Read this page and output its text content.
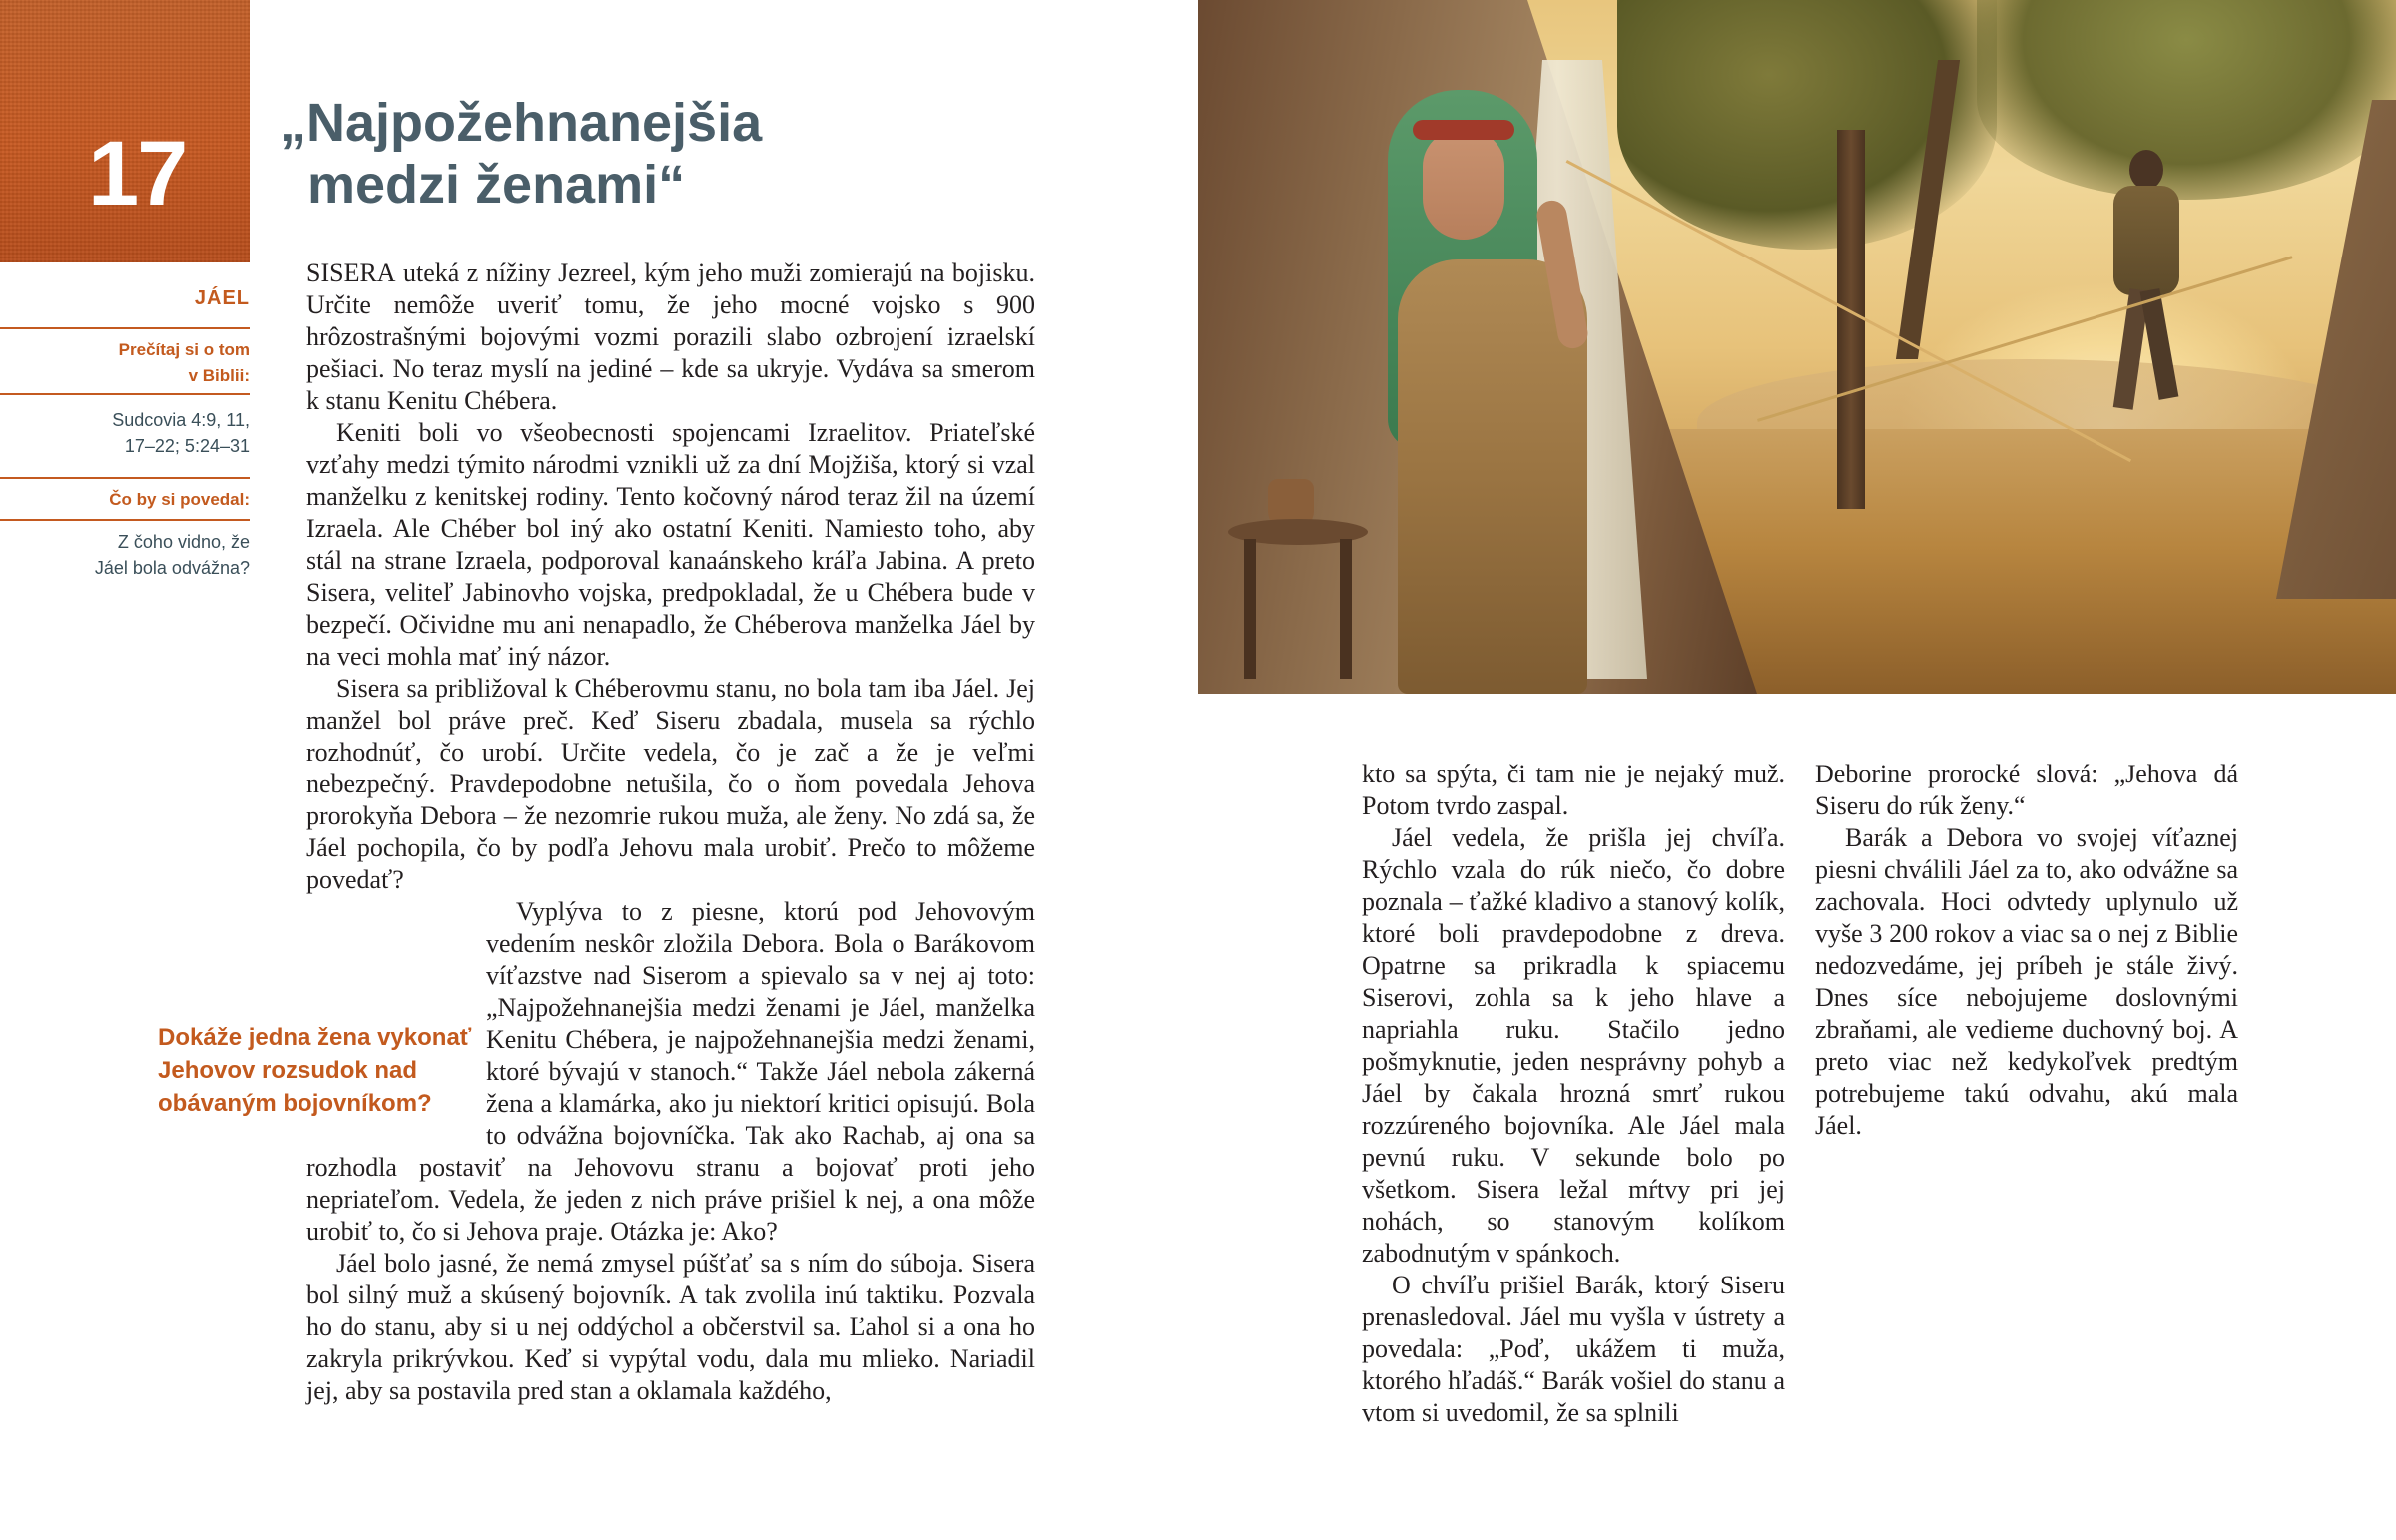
17
JÁEL
Prečítaj si o tom
v Biblii:
Sudcovia 4:9, 11,
17–22; 5:24–31
Čo by si povedal:
Z čoho vidno, že
Jáel bola odvážna?
„Najpožehnanejšia
medzi ženami“
Dokáže jedna žena vykonať Jehovov rozsudok nad obávaným bojovníkom?

SISERA uteká z nížiny Jezreel, kým jeho muži zomierajú na bojisku. Určite nemôže uveriť tomu, že jeho mocné vojsko s 900 hrôzostrašnými bojovými vozmi porazili slabo ozbrojení izraelskí pešiaci. No teraz myslí na jediné – kde sa ukryje. Vydáva sa smerom k stanu Kenitu Chébera.

Keniti boli vo všeobecnosti spojencami Izraelitov. Priateľské vzťahy medzi týmito národmi vznikli už za dní Mojžiša, ktorý si vzal manželku z kenitskej rodiny. Tento kočovný národ teraz žil na území Izraela. Ale Chéber bol iný ako ostatní Keniti. Namiesto toho, aby stál na strane Izraela, podporoval kanaánskeho kráľa Jabina. A preto Sisera, veliteľ Jabinovho vojska, predpokladal, že u Chébera bude v bezpečí. Očividne mu ani nenapadlo, že Chéberova manželka Jáel by na veci mohla mať iný názor.

Sisera sa približoval k Chéberovmu stanu, no bola tam iba Jáel. Jej manžel bol práve preč. Keď Siseru zbadala, musela sa rýchlo rozhodnúť, čo urobí. Určite vedela, čo je zač a že je veľmi nebezpečný. Pravdepodobne netušila, čo o ňom povedala Jehova prorokyňa Debora – že nezomrie rukou muža, ale ženy. No zdá sa, že Jáel pochopila, čo by podľa Jehovu mala urobiť. Prečo to môžeme povedať?

Vyplýva to z piesne, ktorú pod Jehovovým vedením neskôr zložila Debora. Bola o Barákovom víťazstve nad Siserom a spievalo sa v nej aj toto: „Najpožehnanejšia medzi ženami je Jáel, manželka Kenitu Chébera, je najpožehnanejšia medzi ženami, ktoré bývajú v stanoch.“ Takže Jáel nebola zákerná žena a klamárka, ako ju niektorí kritici opisujú. Bola to odvážna bojovníčka. Tak ako Rachab, aj ona sa rozhodla postaviť na Jehovovu stranu a bojovať proti jeho nepriateľom. Vedela, že jeden z nich práve prišiel k nej, a ona môže urobiť to, čo si Jehova praje. Otázka je: Ako?

Jáel bolo jasné, že nemá zmysel púšťať sa s ním do súboja. Sisera bol silný muž a skúsený bojovník. A tak zvolila inú taktiku. Pozvala ho do stanu, aby si u nej oddýchol a občerstvil sa. Ľahol si a ona ho zakryla prikrývkou. Keď si vypýtal vodu, dala mu mlieko. Nariadil jej, aby sa postavila pred stan a oklamala každého,

kto sa spýta, či tam nie je nejaký muž. Potom tvrdo zaspal.

Jáel vedela, že prišla jej chvíľa. Rýchlo vzala do rúk niečo, čo dobre poznala – ťažké kladivo a stanový kolík, ktoré boli pravdepodobne z dreva. Opatrne sa prikradla k spiacemu Siserovi, zohla sa k jeho hlave a napriahla ruku. Stačilo jedno pošmyknutie, jeden nesprávny pohyb a Jáel by čakala hrozná smrť rukou rozzúreného bojovníka. Ale Jáel mala pevnú ruku. V sekunde bolo po všetkom. Sisera ležal mŕtvy pri jej nohách, so stanovým kolíkom zabodnutým v spánkoch.

O chvíľu prišiel Barák, ktorý Siseru prenasledoval. Jáel mu vyšla v ústrety a povedala: „Poď, ukážem ti muža, ktorého hľadáš.“ Barák vošiel do stanu a vtom si uvedomil, že sa splnili

Deborine prorocké slová: „Jehova dá Siseru do rúk ženy.“

Barák a Debora vo svojej víťaznej piesni chválili Jáel za to, ako odvážne sa zachovala. Hoci odvtedy uplynulo už vyše 3 200 rokov a viac sa o nej z Biblie nedozvedáme, jej príbeh je stále živý. Dnes síce nebojujeme doslovnými zbraňami, ale vedieme duchovný boj. A preto viac než kedykoľvek predtým potrebujeme takú odvahu, akú mala Jáel.
